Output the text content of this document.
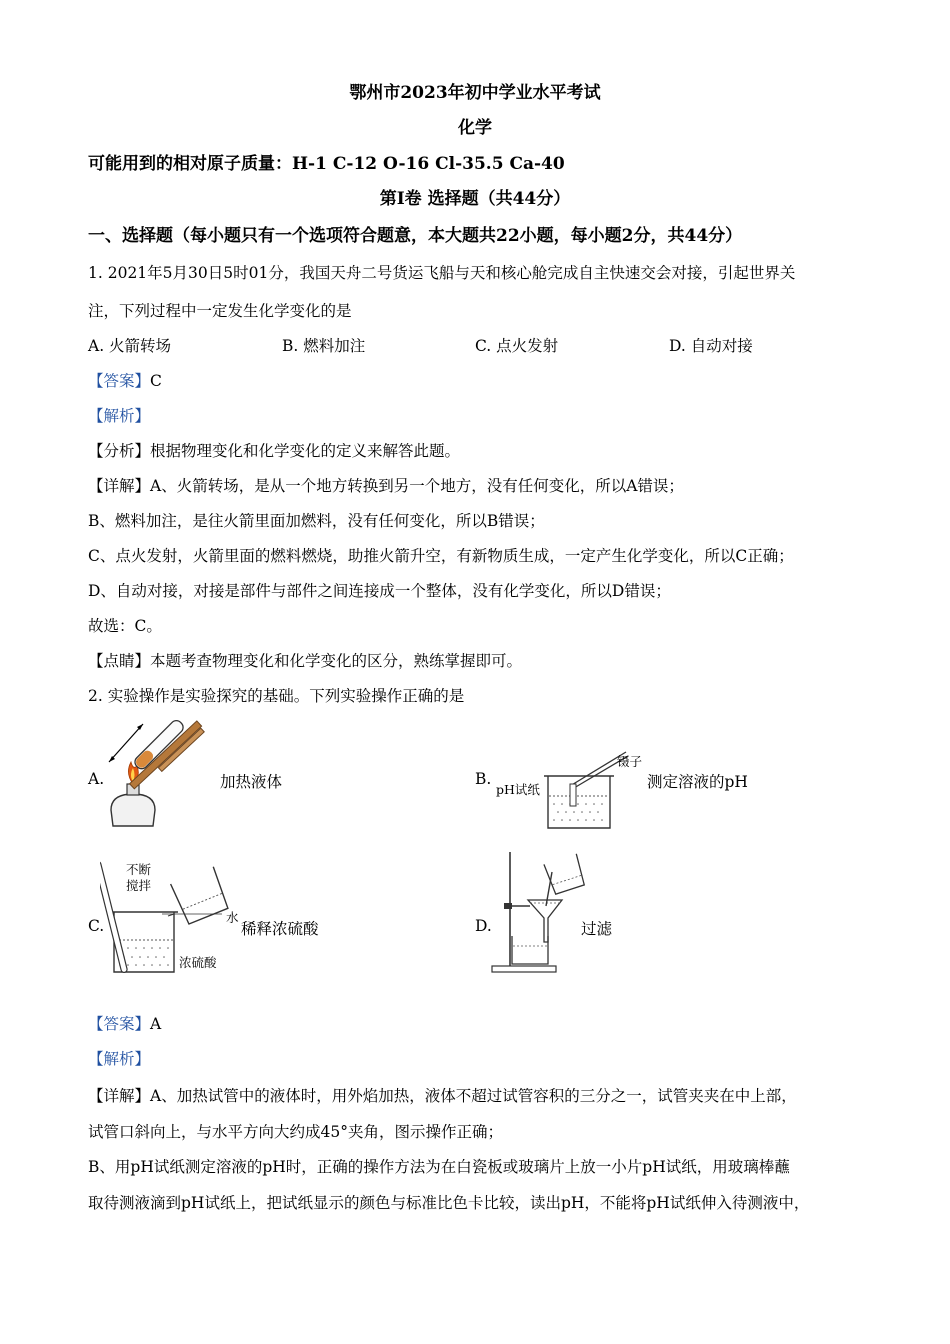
鄂州市2023年初中学业水平考试
化学
可能用到的相对原子质量：H-1 C-12 O-16 Cl-35.5 Ca-40
第Ⅰ卷 选择题（共44分）
一、选择题（每小题只有一个选项符合题意，本大题共22小题，每小题2分，共44分）
1. 2021年5月30日5时01分，我国天舟二号货运飞船与天和核心舱完成自主快速交会对接，引起世界关
注，下列过程中一定发生化学变化的是
A. 火箭转场	B. 燃料加注	C. 点火发射	D. 自动对接
【答案】C
【解析】
【分析】根据物理变化和化学变化的定义来解答此题。
【详解】A、火箭转场，是从一个地方转换到另一个地方，没有任何变化，所以A错误；
B、燃料加注，是往火箭里面加燃料，没有任何变化，所以B错误；
C、点火发射，火箭里面的燃料燃烧，助推火箭升空，有新物质生成，一定产生化学变化，所以C正确；
D、自动对接，对接是部件与部件之间连接成一个整体，没有化学变化，所以D错误；
故选：C。
【点睛】本题考查物理变化和化学变化的区分，熟练掌握即可。
2. 实验操作是实验探究的基础。下列实验操作正确的是
A.	加热液体	B.
镊子
pH试纸	测定溶液的pH
C.
不断
搅拌
水
浓硫酸
稀释浓硫酸	D.	过滤
【答案】A
【解析】
【详解】A、加热试管中的液体时，用外焰加热，液体不超过试管容积的三分之一，试管夹夹在中上部，
试管口斜向上，与水平方向大约成45°夹角，图示操作正确；
B、用pH试纸测定溶液的pH时，正确的操作方法为在白瓷板或玻璃片上放一小片pH试纸，用玻璃棒蘸
取待测液滴到pH试纸上，把试纸显示的颜色与标准比色卡比较，读出pH，不能将pH试纸伸入待测液中，
